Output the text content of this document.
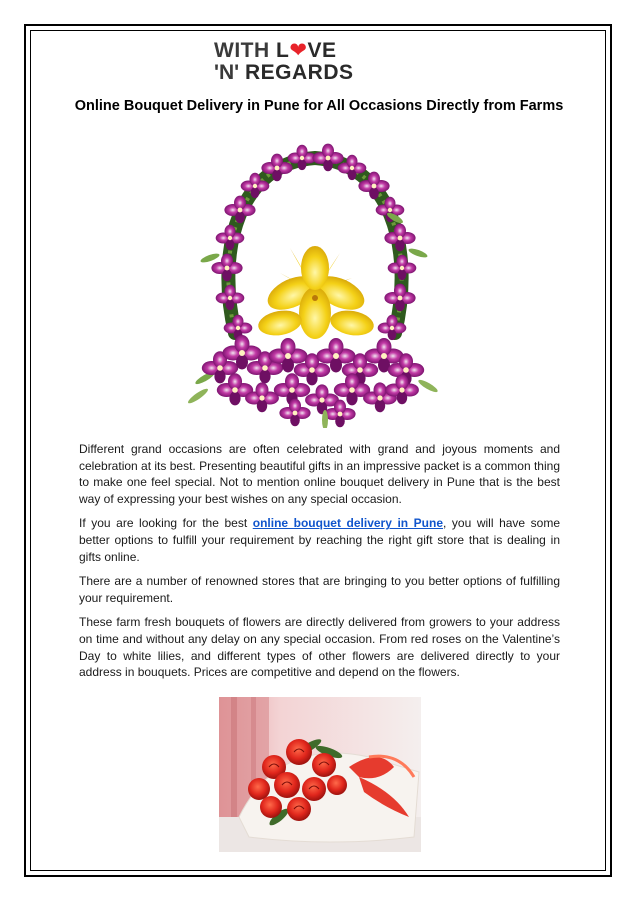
WITH L❤VE
'N' REGARDS
Online Bouquet Delivery in Pune for All Occasions Directly from Farms

Different grand occasions are often celebrated with grand and joyous moments and celebration at its best. Presenting beautiful gifts in an impressive packet is a common thing to make one feel special. Not to mention online bouquet delivery in Pune that is the best way of expressing your best wishes on any special occasion.

If you are looking for the best online bouquet delivery in Pune, you will have some better options to fulfill your requirement by reaching the right gift store that is dealing in gifts online.

There are a number of renowned stores that are bringing to you better options of fulfilling your requirement.

These farm fresh bouquets of flowers are directly delivered from growers to your address on time and without any delay on any special occasion. From red roses on the Valentine’s Day to white lilies, and different types of other flowers are delivered directly to your address in bouquets. Prices are competitive and depend on the flowers.
